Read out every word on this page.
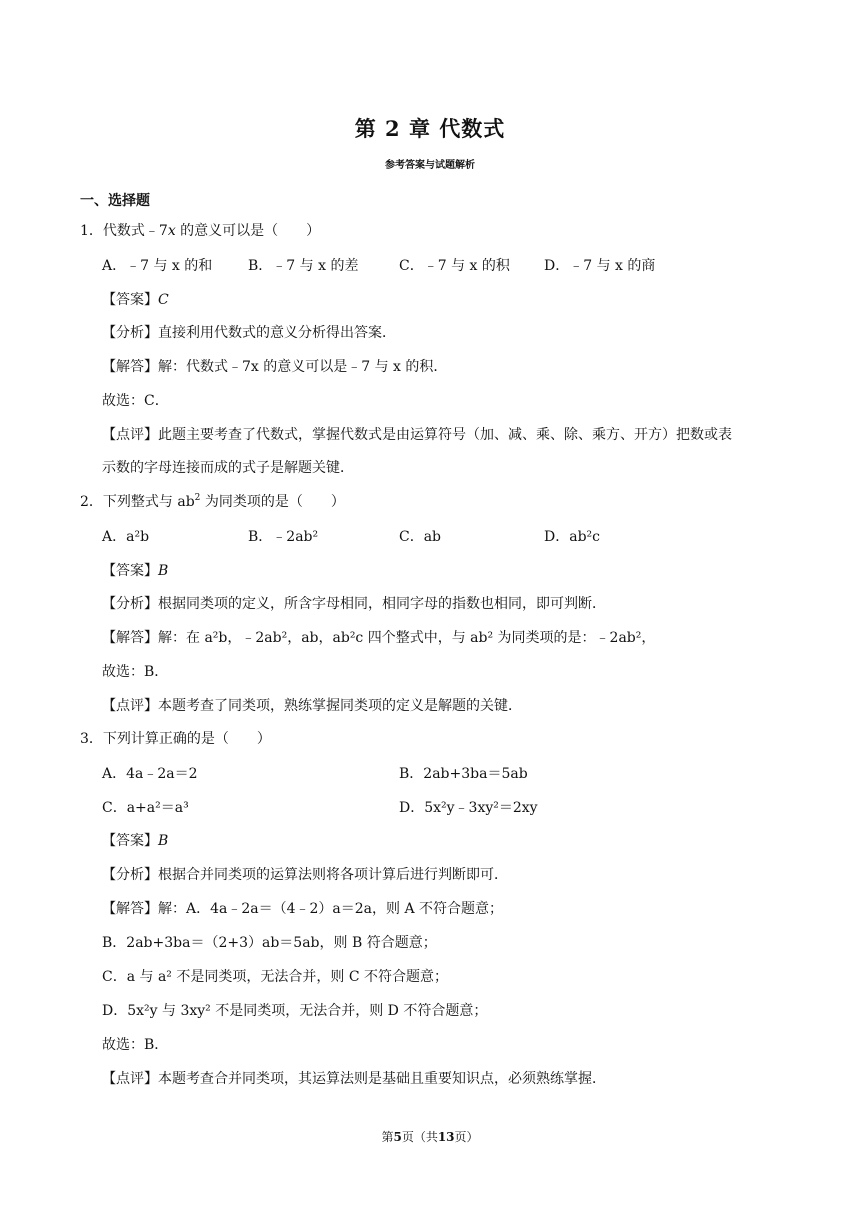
第 2 章 代数式
参考答案与试题解析
一、选择题
1．代数式﹣7x 的意义可以是（　　）
A．﹣7 与 x 的和	B．﹣7 与 x 的差	C．﹣7 与 x 的积 D．﹣7 与 x 的商
【答案】C
【分析】直接利用代数式的意义分析得出答案．
【解答】解：代数式﹣7x 的意义可以是﹣7 与 x 的积．
故选：C．
【点评】此题主要考查了代数式，掌握代数式是由运算符号（加、减、乘、除、乘方、开方）把数或表
示数的字母连接而成的式子是解题关键．
2．下列整式与 $ab^2$ 为同类项的是（　　）
A．a²b	B．﹣2ab²	C．ab	D．ab²c
【答案】B
【分析】根据同类项的定义，所含字母相同，相同字母的指数也相同，即可判断．
【解答】解：在 a²b，﹣2ab²，ab，ab²c 四个整式中，与 ab² 为同类项的是：﹣2ab²，
故选：B．
【点评】本题考查了同类项，熟练掌握同类项的定义是解题的关键．
3．下列计算正确的是（　　）
A．4a﹣2a＝2	B．2ab+3ba＝5ab
C．a+a²＝a³	D．5x²y﹣3xy²＝2xy
【答案】B
【分析】根据合并同类项的运算法则将各项计算后进行判断即可．
【解答】解：A．4a﹣2a＝（4﹣2）a＝2a，则 A 不符合题意；
B．2ab+3ba＝（2+3）ab＝5ab，则 B 符合题意；
C．a 与 a² 不是同类项，无法合并，则 C 不符合题意；
D．5x²y 与 3xy² 不是同类项，无法合并，则 D 不符合题意；
故选：B．
【点评】本题考查合并同类项，其运算法则是基础且重要知识点，必须熟练掌握．
第5页（共13页）
